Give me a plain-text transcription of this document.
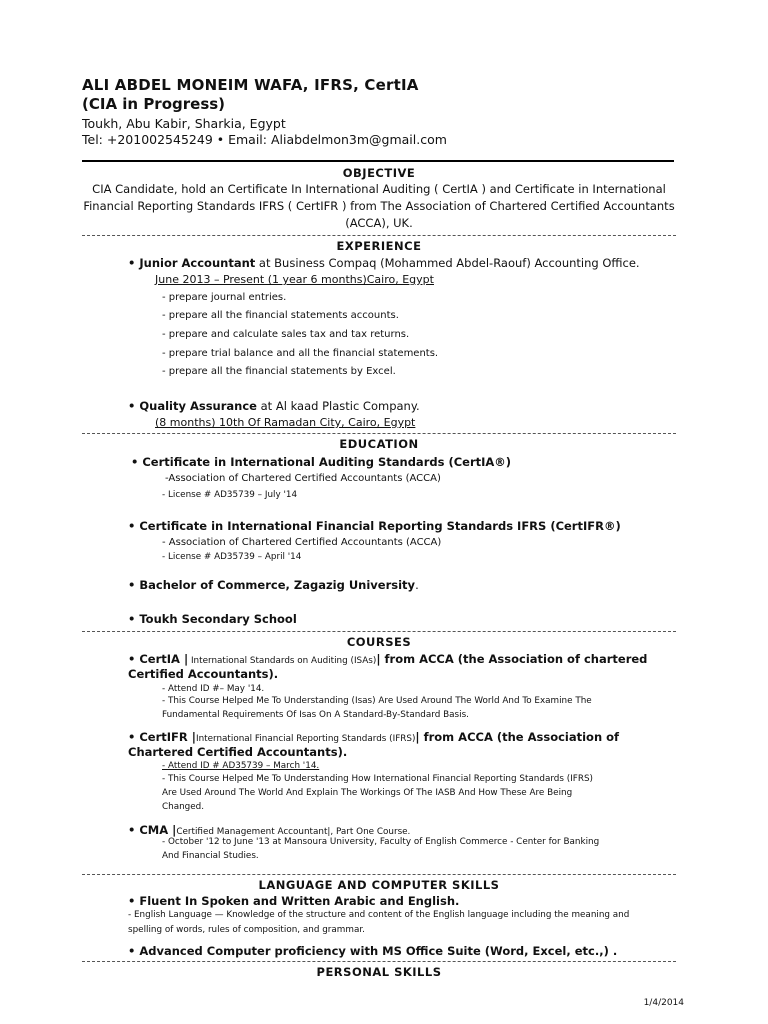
ALI ABDEL MONEIM WAFA, IFRS, CertIA
(CIA in Progress)
Toukh, Abu Kabir, Sharkia, Egypt
Tel: +201002545249 • Email: Aliabdelmon3m@gmail.com
OBJECTIVE
CIA Candidate, hold an Certificate In International Auditing ( CertIA ) and Certificate in International
Financial Reporting Standards IFRS ( CertIFR ) from The Association of Chartered Certified Accountants
(ACCA), UK.
EXPERIENCE
• Junior Accountant at Business Compaq (Mohammed Abdel-Raouf) Accounting Office.
June 2013 – Present (1 year 6 months)Cairo, Egypt
- prepare journal entries.
- prepare all the financial statements accounts.
- prepare and calculate sales tax and tax returns.
- prepare trial balance and all the financial statements.
- prepare all the financial statements by Excel.
• Quality Assurance at Al kaad Plastic Company.
(8 months) 10th Of Ramadan City, Cairo, Egypt
EDUCATION
• Certificate in International Auditing Standards (CertIA®)
-Association of Chartered Certified Accountants (ACCA)
- License # AD35739 – July '14
• Certificate in International Financial Reporting Standards IFRS (CertIFR®)
- Association of Chartered Certified Accountants (ACCA)
- License # AD35739 – April '14
• Bachelor of Commerce, Zagazig University.
• Toukh Secondary School
COURSES
• CertIA | International Standards on Auditing (ISAs)| from ACCA (the Association of chartered
Certified Accountants).
- Attend ID #– May '14.
- This Course Helped Me To Understanding (Isas) Are Used Around The World And To Examine The
Fundamental Requirements Of Isas On A Standard-By-Standard Basis.
• CertIFR |International Financial Reporting Standards (IFRS)| from ACCA (the Association of
Chartered Certified Accountants).
- Attend ID # AD35739 – March '14.
- This Course Helped Me To Understanding How International Financial Reporting Standards (IFRS)
Are Used Around The World And Explain The Workings Of The IASB And How These Are Being
Changed.
• CMA |Certified Management Accountant|, Part One Course.
- October '12 to June '13 at Mansoura University, Faculty of English Commerce - Center for Banking
And Financial Studies.
LANGUAGE AND COMPUTER SKILLS
• Fluent In Spoken and Written Arabic and English.
- English Language — Knowledge of the structure and content of the English language including the meaning and
spelling of words, rules of composition, and grammar.
• Advanced Computer proficiency with MS Office Suite (Word, Excel, etc.,) .
PERSONAL SKILLS
1/4/2014
